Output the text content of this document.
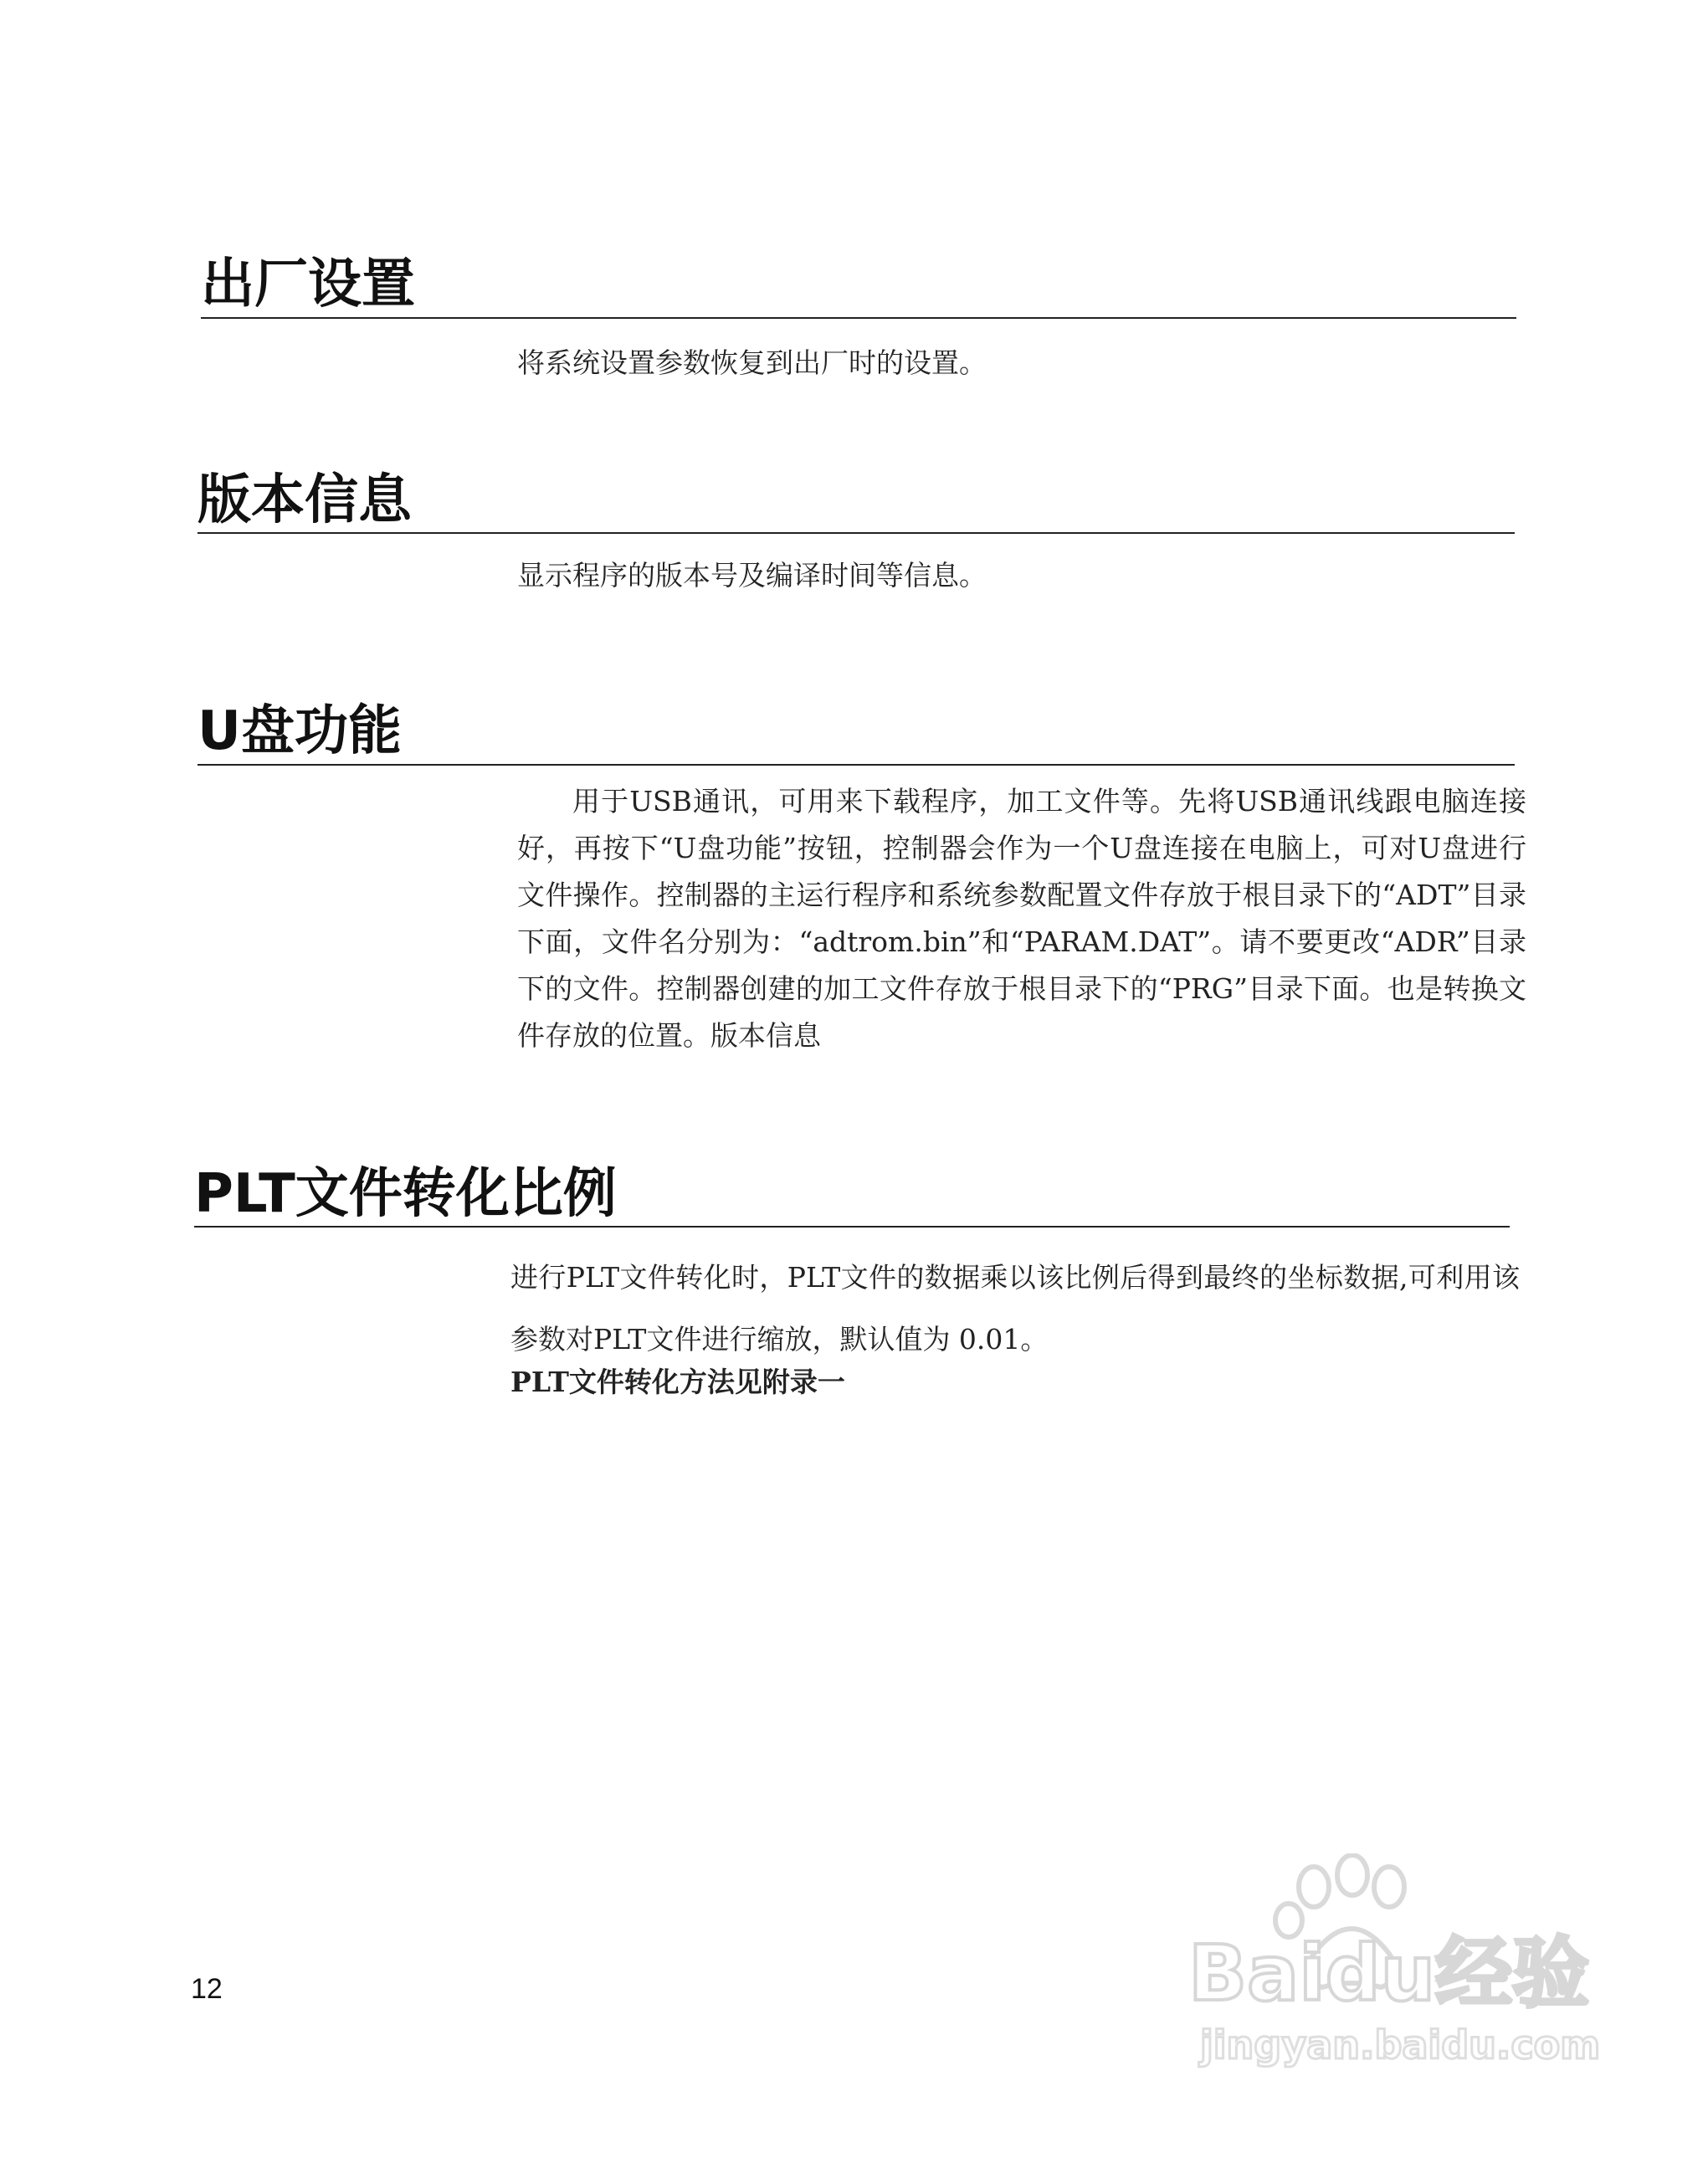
出厂设置

将系统设置参数恢复到出厂时的设置。

版本信息

显示程序的版本号及编译时间等信息。

U盘功能

用于USB通讯，可用来下载程序，加工文件等。先将USB通讯线跟电脑连接好，再按下“U盘功能”按钮，控制器会作为一个U盘连接在电脑上，可对U盘进行文件操作。控制器的主运行程序和系统参数配置文件存放于根目录下的“ADT”目录下面，文件名分别为：“adtrom.bin”和“PARAM.DAT”。请不要更改“ADR”目录下的文件。控制器创建的加工文件存放于根目录下的“PRG”目录下面。也是转换文件存放的位置。版本信息

PLT文件转化比例

进行PLT文件转化时，PLT文件的数据乘以该比例后得到最终的坐标数据,可利用该参数对PLT文件进行缩放，默认值为 0.01。

PLT文件转化方法见附录一

12	Baidu经验
jingyan.baidu.com
